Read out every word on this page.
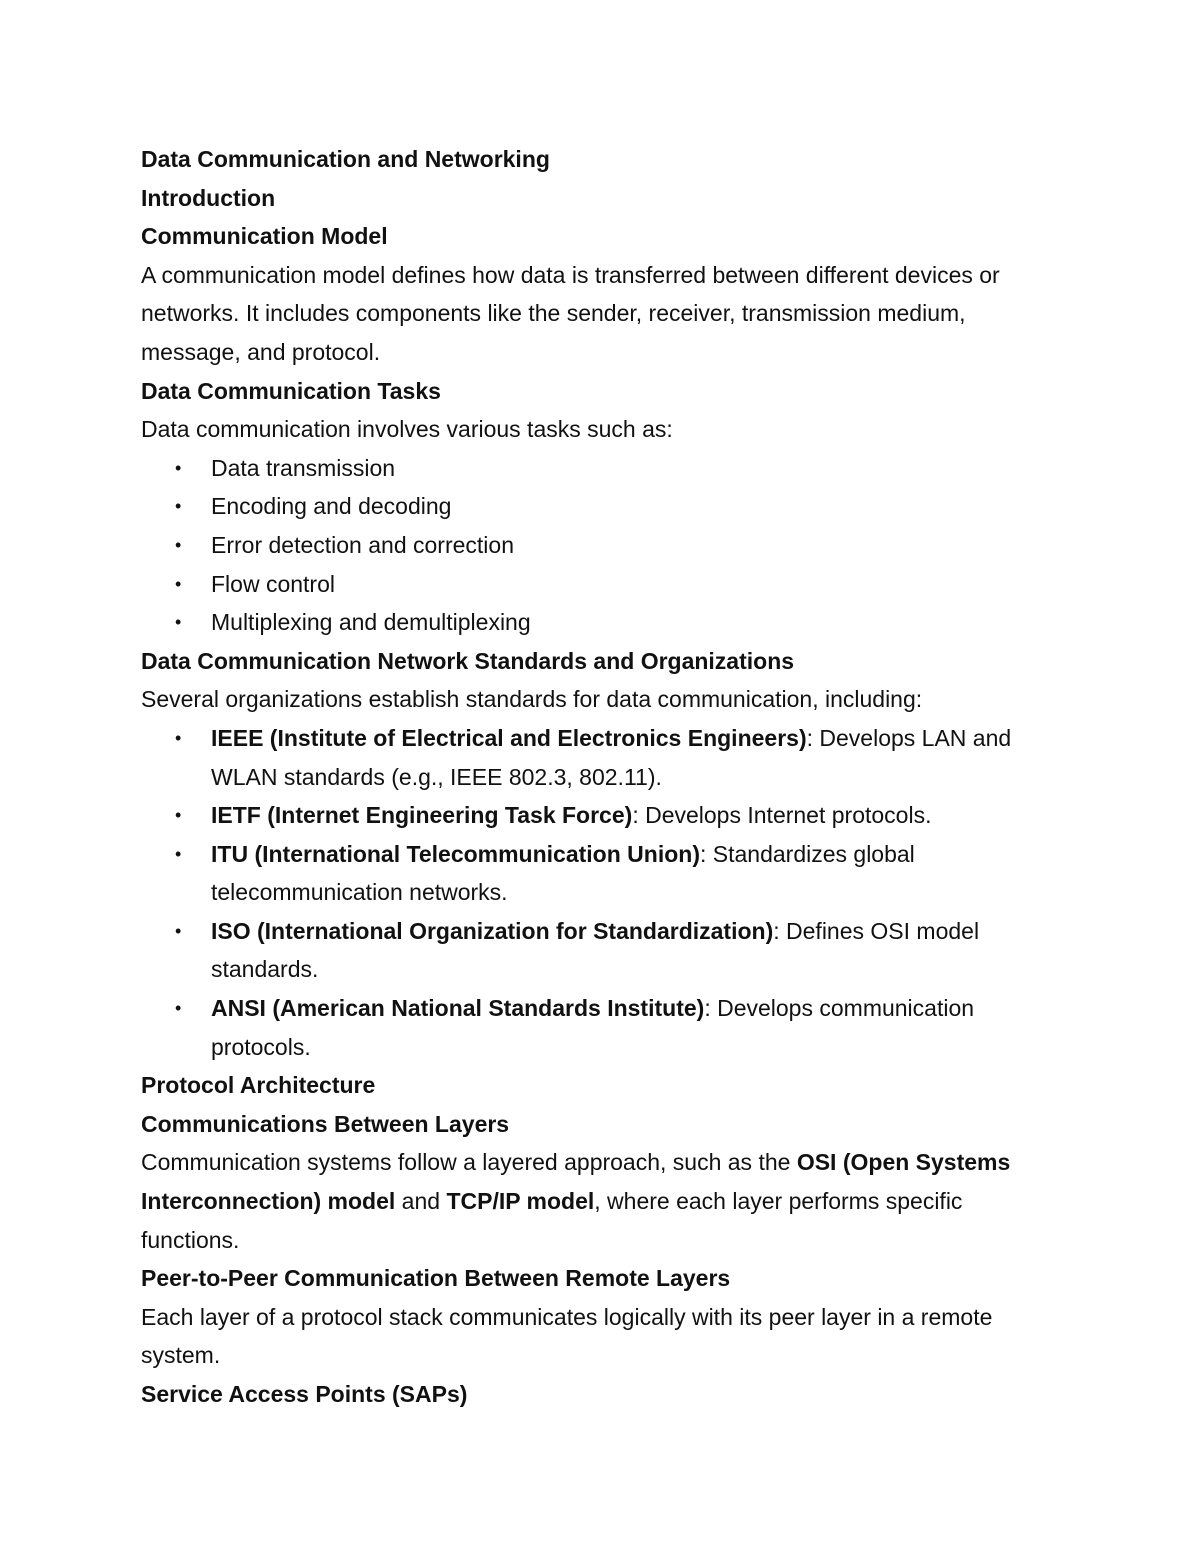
Data Communication and Networking

Introduction

Communication Model

A communication model defines how data is transferred between different devices or networks. It includes components like the sender, receiver, transmission medium, message, and protocol.

Data Communication Tasks

Data communication involves various tasks such as:

• Data transmission
• Encoding and decoding
• Error detection and correction
• Flow control
• Multiplexing and demultiplexing

Data Communication Network Standards and Organizations

Several organizations establish standards for data communication, including:

• IEEE (Institute of Electrical and Electronics Engineers): Develops LAN and WLAN standards (e.g., IEEE 802.3, 802.11).
• IETF (Internet Engineering Task Force): Develops Internet protocols.
• ITU (International Telecommunication Union): Standardizes global telecommunication networks.
• ISO (International Organization for Standardization): Defines OSI model standards.
• ANSI (American National Standards Institute): Develops communication protocols.

Protocol Architecture

Communications Between Layers

Communication systems follow a layered approach, such as the OSI (Open Systems Interconnection) model and TCP/IP model, where each layer performs specific functions.

Peer-to-Peer Communication Between Remote Layers

Each layer of a protocol stack communicates logically with its peer layer in a remote system.

Service Access Points (SAPs)
